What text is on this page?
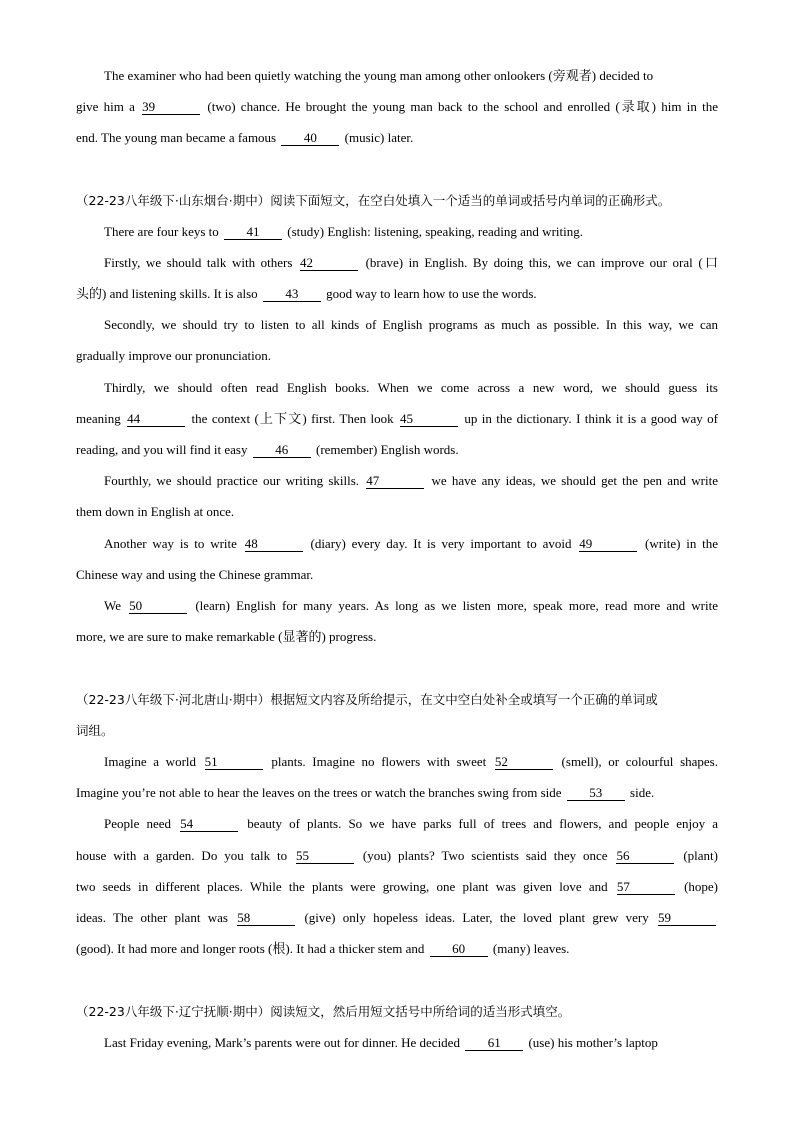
The examiner who had been quietly watching the young man among other onlookers (旁观者) decided to
give him a 39	(two) chance. He brought the young man back to the school and enrolled (录取) him in the
end. The young man became a famous 40 (music) later.
（22-23八年级下·山东烟台·期中）阅读下面短文，在空白处填入一个适当的单词或括号内单词的正确形式。
There are four keys to 41 (study) English: listening, speaking, reading and writing.
Firstly, we should talk with others 42	(brave) in English. By doing this, we can improve our oral (口
头的) and listening skills. It is also 43 good way to learn how to use the words.
Secondly, we should try to listen to all kinds of English programs as much as possible. In this way, we can
gradually improve our pronunciation.
Thirdly, we should often read English books. When we come across a new word, we should guess its
meaning 44	the context (上下文) first. Then look 45	up in the dictionary. I think it is a good way of
reading, and you will find it easy 46 (remember) English words.
Fourthly, we should practice our writing skills. 47	we have any ideas, we should get the pen and write
them down in English at once.
Another way is to write 48	(diary) every day. It is very important to avoid 49	(write) in the
Chinese way and using the Chinese grammar.
We 50	(learn) English for many years. As long as we listen more, speak more, read more and write
more, we are sure to make remarkable (显著的) progress.
（22-23八年级下·河北唐山·期中）根据短文内容及所给提示，在文中空白处补全或填写一个正确的单词或
词组。
Imagine a world 51	plants. Imagine no flowers with sweet 52	(smell), or colourful shapes.
Imagine you’re not able to hear the leaves on the trees or watch the branches swing from side 53 side.
People need 54	beauty of plants. So we have parks full of trees and flowers, and people enjoy a
house with a garden. Do you talk to 55	(you) plants? Two scientists said they once 56	(plant)
two seeds in different places. While the plants were growing, one plant was given love and 57	(hope)
ideas. The other plant was 58	(give) only hopeless ideas. Later, the loved plant grew very 59
(good). It had more and longer roots (根). It had a thicker stem and 60 (many) leaves.
（22-23八年级下·辽宁抚顺·期中）阅读短文，然后用短文括号中所给词的适当形式填空。
Last Friday evening, Mark’s parents were out for dinner. He decided 61 (use) his mother’s laptop
